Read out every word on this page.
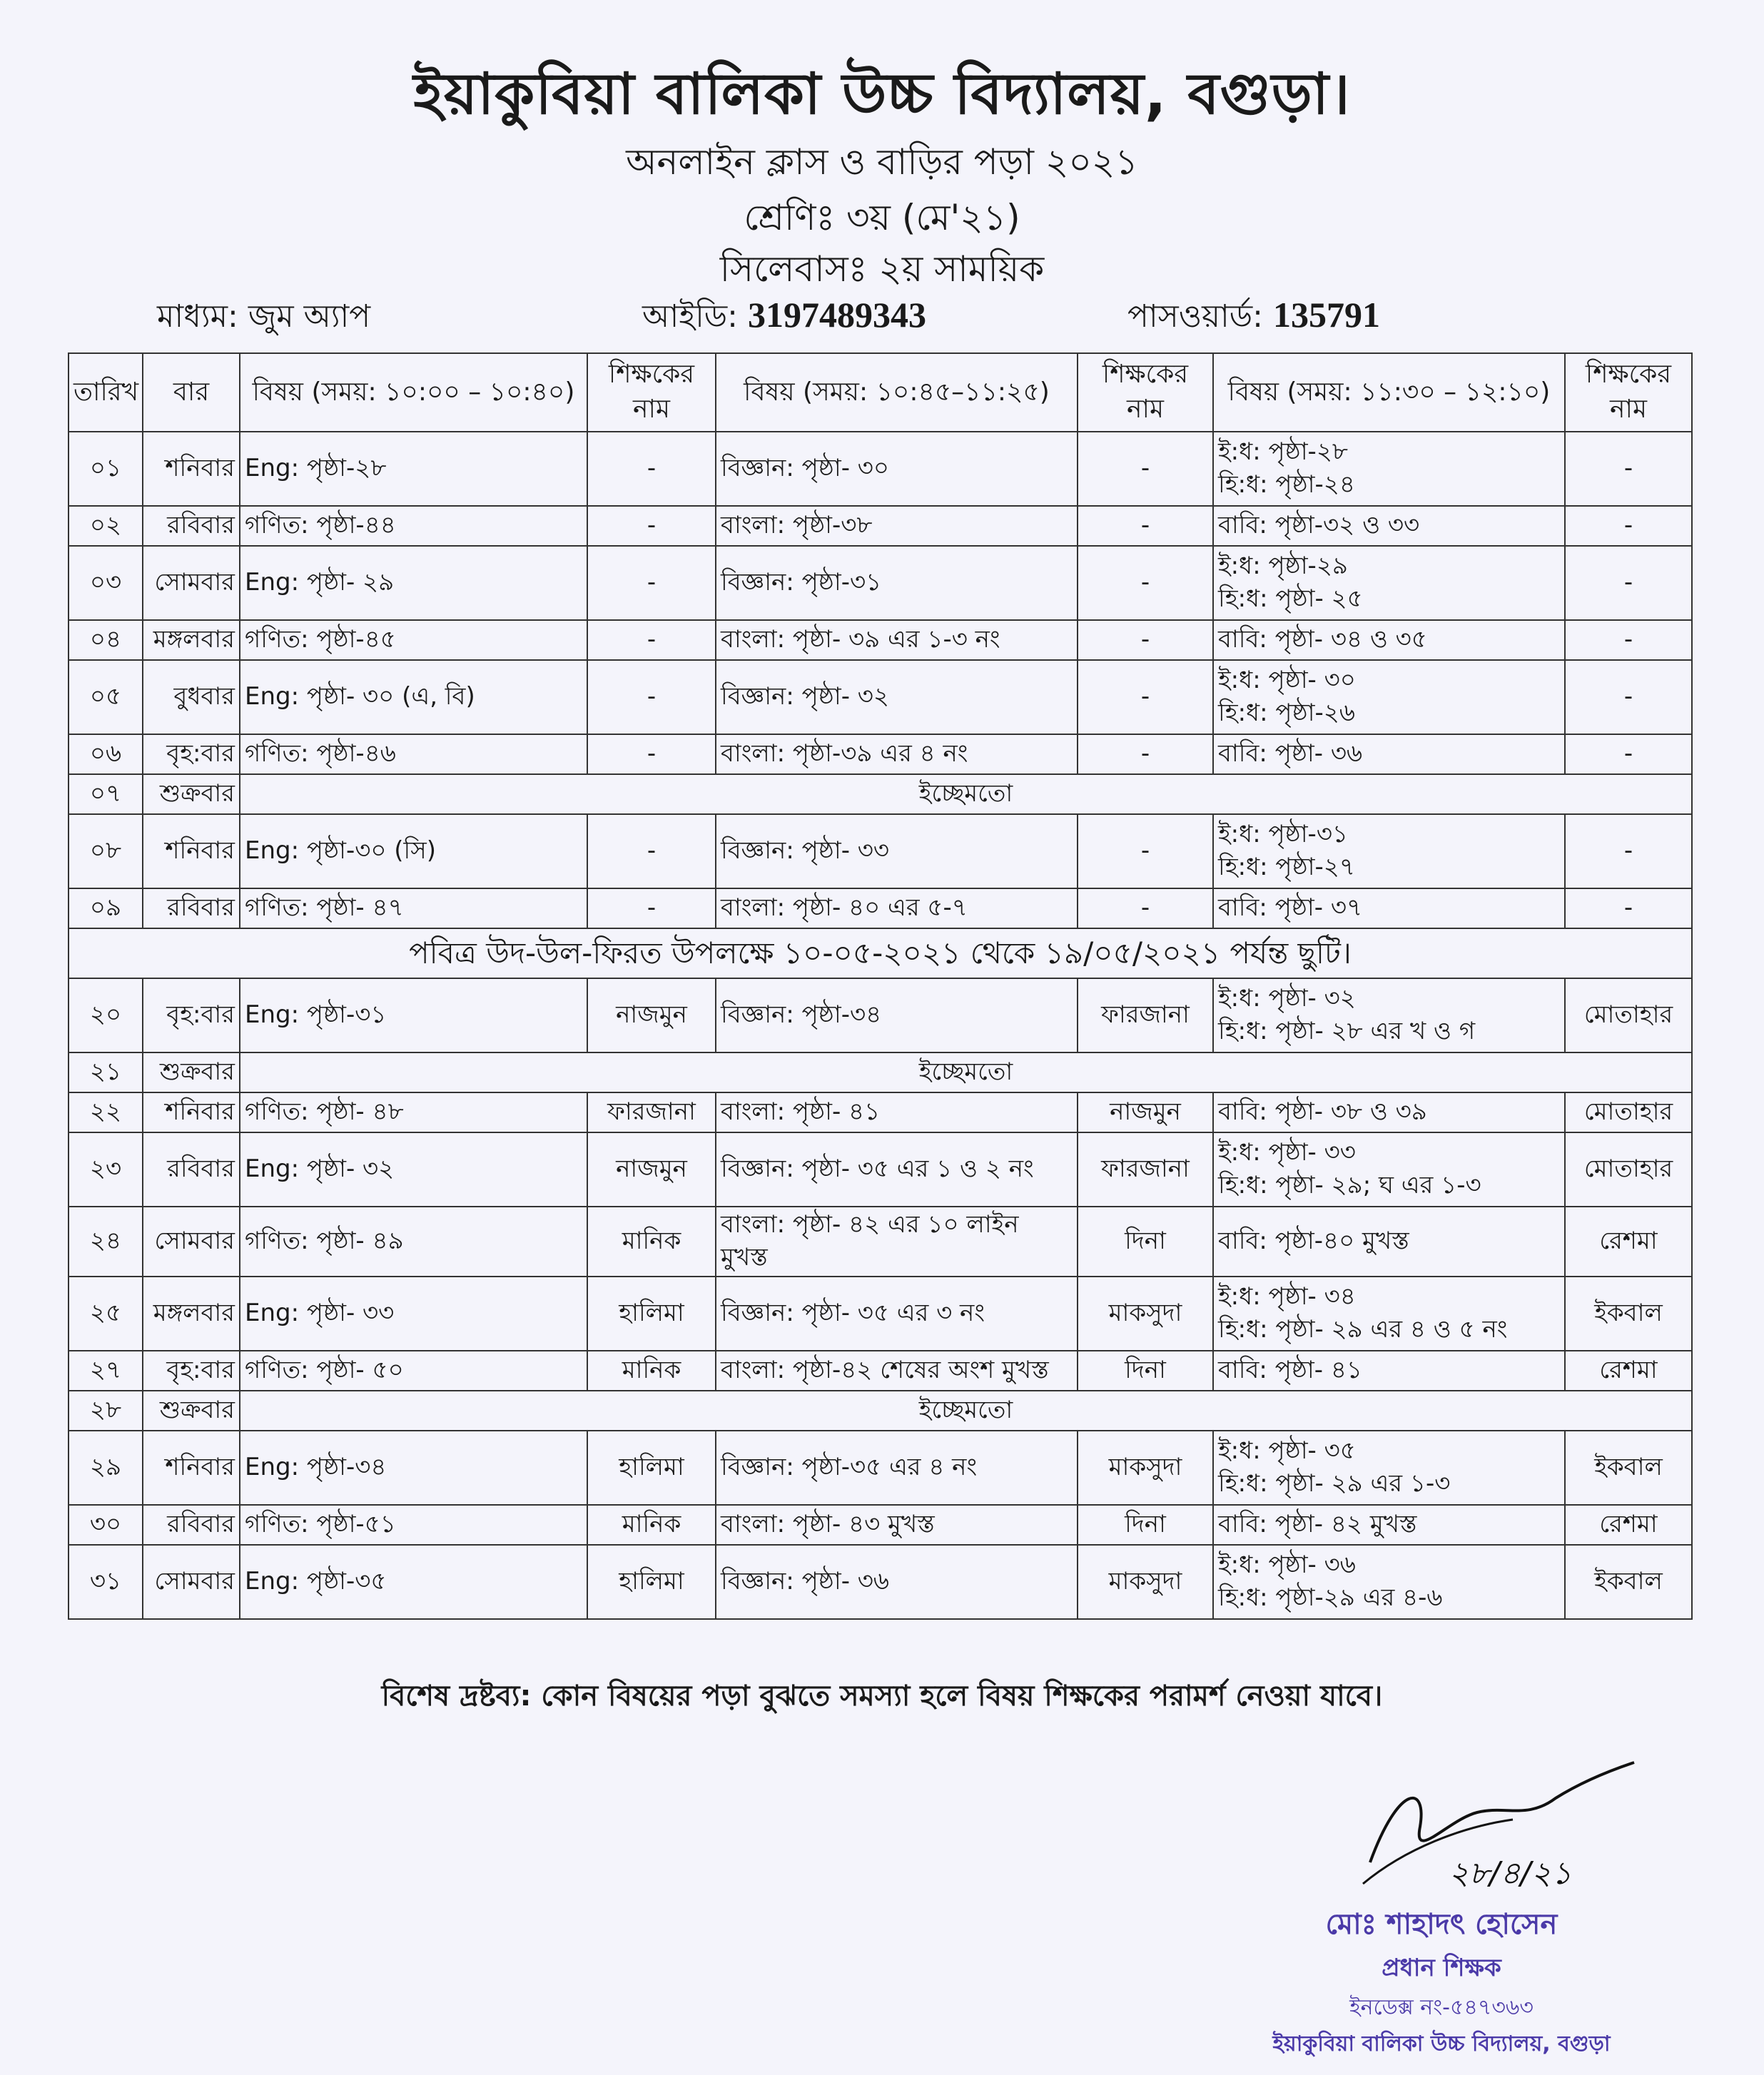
ইয়াকুবিয়া বালিকা উচ্চ বিদ্যালয়, বগুড়া।
অনলাইন ক্লাস ও বাড়ির পড়া ২০২১
শ্রেণিঃ ৩য় (মে'২১)
সিলেবাসঃ ২য় সাময়িক
মাধ্যম: জুম অ্যাপ	আইডি: 3197489343	পাসওয়ার্ড: 135791
তারিখ	বার	বিষয় (সময়: ১০:০০ – ১০:৪০)	শিক্ষকের নাম	বিষয় (সময়: ১০:৪৫–১১:২৫)	শিক্ষকের নাম	বিষয় (সময়: ১১:৩০ – ১২:১০)	শিক্ষকের নাম
০১	শনিবার	Eng: পৃষ্ঠা-২৮	-	বিজ্ঞান: পৃষ্ঠা- ৩০	-	ই:ধ: পৃষ্ঠা-২৮
হি:ধ: পৃষ্ঠা-২৪	-
০২	রবিবার	গণিত: পৃষ্ঠা-৪৪	-	বাংলা: পৃষ্ঠা-৩৮	-	বাবি: পৃষ্ঠা-৩২ ও ৩৩	-
০৩	সোমবার	Eng: পৃষ্ঠা- ২৯	-	বিজ্ঞান: পৃষ্ঠা-৩১	-	ই:ধ: পৃষ্ঠা-২৯
হি:ধ: পৃষ্ঠা- ২৫	-
০৪	মঙ্গলবার	গণিত: পৃষ্ঠা-৪৫	-	বাংলা: পৃষ্ঠা- ৩৯ এর ১-৩ নং	-	বাবি: পৃষ্ঠা- ৩৪ ও ৩৫	-
০৫	বুধবার	Eng: পৃষ্ঠা- ৩০ (এ, বি)	-	বিজ্ঞান: পৃষ্ঠা- ৩২	-	ই:ধ: পৃষ্ঠা- ৩০
হি:ধ: পৃষ্ঠা-২৬	-
০৬	বৃহ:বার	গণিত: পৃষ্ঠা-৪৬	-	বাংলা: পৃষ্ঠা-৩৯ এর ৪ নং	-	বাবি: পৃষ্ঠা- ৩৬	-
০৭	শুক্রবার	ইচ্ছেমতো					
০৮	শনিবার	Eng: পৃষ্ঠা-৩০ (সি)	-	বিজ্ঞান: পৃষ্ঠা- ৩৩	-	ই:ধ: পৃষ্ঠা-৩১
হি:ধ: পৃষ্ঠা-২৭	-
০৯	রবিবার	গণিত: পৃষ্ঠা- ৪৭	-	বাংলা: পৃষ্ঠা- ৪০ এর ৫-৭	-	বাবি: পৃষ্ঠা- ৩৭	-
পবিত্র উদ-উল-ফিরত উপলক্ষে ১০-০৫-২০২১ থেকে ১৯/০৫/২০২১ পর্যন্ত ছুটি।							
২০	বৃহ:বার	Eng: পৃষ্ঠা-৩১	নাজমুন	বিজ্ঞান: পৃষ্ঠা-৩৪	ফারজানা	ই:ধ: পৃষ্ঠা- ৩২
হি:ধ: পৃষ্ঠা- ২৮ এর খ ও গ	মোতাহার
২১	শুক্রবার	ইচ্ছেমতো					
২২	শনিবার	গণিত: পৃষ্ঠা- ৪৮	ফারজানা	বাংলা: পৃষ্ঠা- ৪১	নাজমুন	বাবি: পৃষ্ঠা- ৩৮ ও ৩৯	মোতাহার
২৩	রবিবার	Eng: পৃষ্ঠা- ৩২	নাজমুন	বিজ্ঞান: পৃষ্ঠা- ৩৫ এর ১ ও ২ নং	ফারজানা	ই:ধ: পৃষ্ঠা- ৩৩
হি:ধ: পৃষ্ঠা- ২৯; ঘ এর ১-৩	মোতাহার
২৪	সোমবার	গণিত: পৃষ্ঠা- ৪৯	মানিক	বাংলা: পৃষ্ঠা- ৪২ এর ১০ লাইন মুখস্ত	দিনা	বাবি: পৃষ্ঠা-৪০ মুখস্ত	রেশমা
২৫	মঙ্গলবার	Eng: পৃষ্ঠা- ৩৩	হালিমা	বিজ্ঞান: পৃষ্ঠা- ৩৫ এর ৩ নং	মাকসুদা	ই:ধ: পৃষ্ঠা- ৩৪
হি:ধ: পৃষ্ঠা- ২৯ এর ৪ ও ৫ নং	ইকবাল
২৭	বৃহ:বার	গণিত: পৃষ্ঠা- ৫০	মানিক	বাংলা: পৃষ্ঠা-৪২ শেষের অংশ মুখস্ত	দিনা	বাবি: পৃষ্ঠা- ৪১	রেশমা
২৮	শুক্রবার	ইচ্ছেমতো					
২৯	শনিবার	Eng: পৃষ্ঠা-৩৪	হালিমা	বিজ্ঞান: পৃষ্ঠা-৩৫ এর ৪ নং	মাকসুদা	ই:ধ: পৃষ্ঠা- ৩৫
হি:ধ: পৃষ্ঠা- ২৯ এর ১-৩	ইকবাল
৩০	রবিবার	গণিত: পৃষ্ঠা-৫১	মানিক	বাংলা: পৃষ্ঠা- ৪৩ মুখস্ত	দিনা	বাবি: পৃষ্ঠা- ৪২ মুখস্ত	রেশমা
৩১	সোমবার	Eng: পৃষ্ঠা-৩৫	হালিমা	বিজ্ঞান: পৃষ্ঠা- ৩৬	মাকসুদা	ই:ধ: পৃষ্ঠা- ৩৬
হি:ধ: পৃষ্ঠা-২৯ এর ৪-৬	ইকবাল
বিশেষ দ্রষ্টব্য: কোন বিষয়ের পড়া বুঝতে সমস্যা হলে বিষয় শিক্ষকের পরামর্শ নেওয়া যাবে।
২৮/৪/২১
মোঃ শাহাদৎ হোসেন
প্রধান শিক্ষক
ইনডেক্স নং-৫৪৭৩৬৩
ইয়াকুবিয়া বালিকা উচ্চ বিদ্যালয়, বগুড়া
